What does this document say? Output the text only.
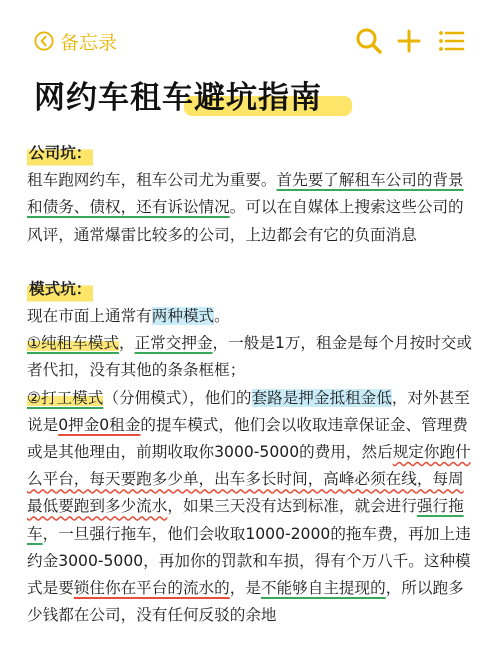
备忘录
网约车租车避坑指南

公司坑：

租车跑网约车，租车公司尤为重要。首先要了解租车公司的背景和债务、债权，还有诉讼情况。可以在自媒体上搜索这些公司的风评，通常爆雷比较多的公司，上边都会有它的负面消息

模式坑：

现在市面上通常有两种模式。

①纯租车模式，正常交押金，一般是1万，租金是每个月按时交或者代扣，没有其他的条条框框；

②打工模式（分佣模式），他们的套路是押金抵租金低，对外甚至说是0押金0租金的提车模式，他们会以收取违章保证金、管理费或是其他理由，前期收取你3000-5000的费用，然后规定你跑什么平台，每天要跑多少单，出车多长时间，高峰必须在线，每周最低要跑到多少流水，如果三天没有达到标准，就会进行强行拖车，一旦强行拖车，他们会收取1000-2000的拖车费，再加上违约金3000-5000，再加你的罚款和车损，得有个万八千。这种模式是要锁住你在平台的流水的，是不能够自主提现的，所以跑多少钱都在公司，没有任何反驳的余地
